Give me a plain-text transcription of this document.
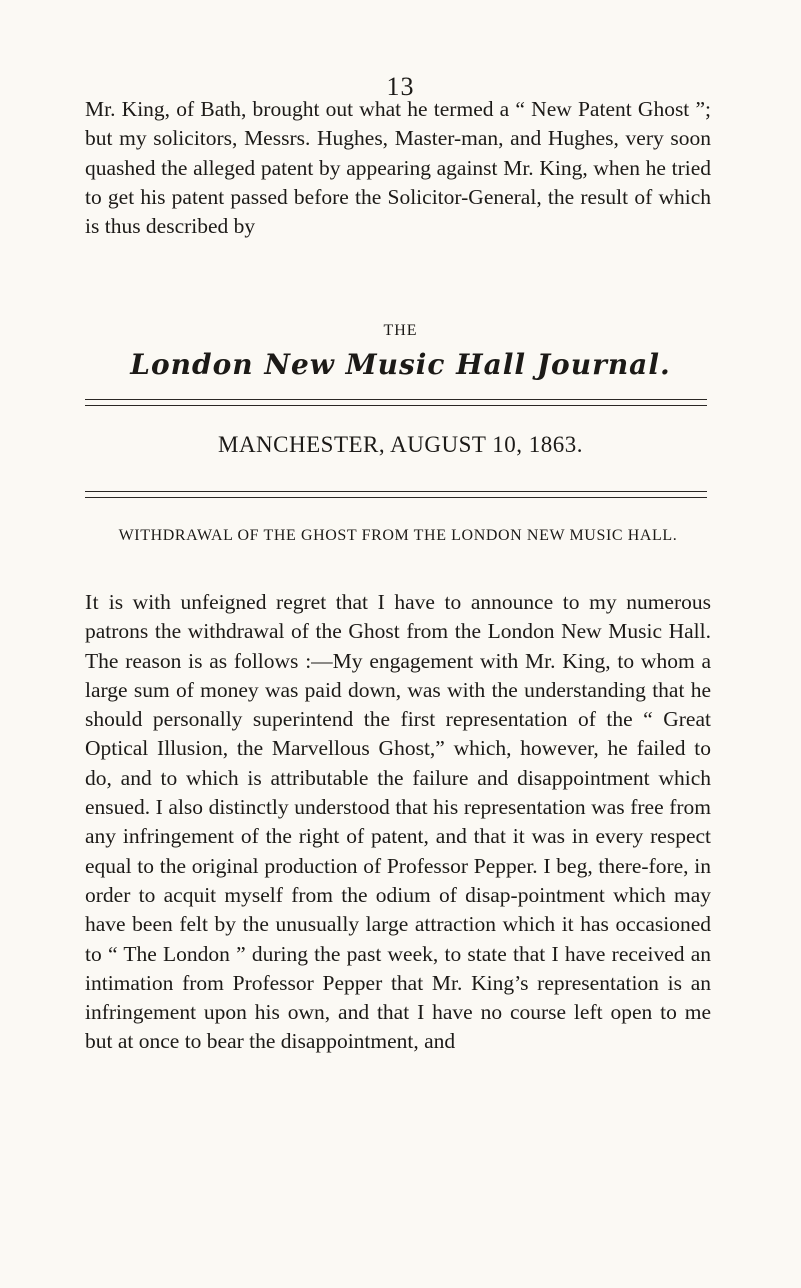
13

Mr. King, of Bath, brought out what he termed a “ New Patent Ghost ”; but my solicitors, Messrs. Hughes, Master-man, and Hughes, very soon quashed the alleged patent by appearing against Mr. King, when he tried to get his patent passed before the Solicitor-General, the result of which is thus described by

THE
London New Music Hall Journal.
MANCHESTER, AUGUST 10, 1863.

WITHDRAWAL OF THE GHOST FROM THE LONDON NEW MUSIC HALL.

It is with unfeigned regret that I have to announce to my numerous patrons the withdrawal of the Ghost from the London New Music Hall. The reason is as follows :—My engagement with Mr. King, to whom a large sum of money was paid down, was with the understanding that he should personally superintend the first representation of the “ Great Optical Illusion, the Marvellous Ghost,” which, however, he failed to do, and to which is attributable the failure and disappointment which ensued. I also distinctly understood that his representation was free from any infringement of the right of patent, and that it was in every respect equal to the original production of Professor Pepper. I beg, there-fore, in order to acquit myself from the odium of disap-pointment which may have been felt by the unusually large attraction which it has occasioned to “ The London ” during the past week, to state that I have received an intimation from Professor Pepper that Mr. King’s representation is an infringement upon his own, and that I have no course left open to me but at once to bear the disappointment, and
